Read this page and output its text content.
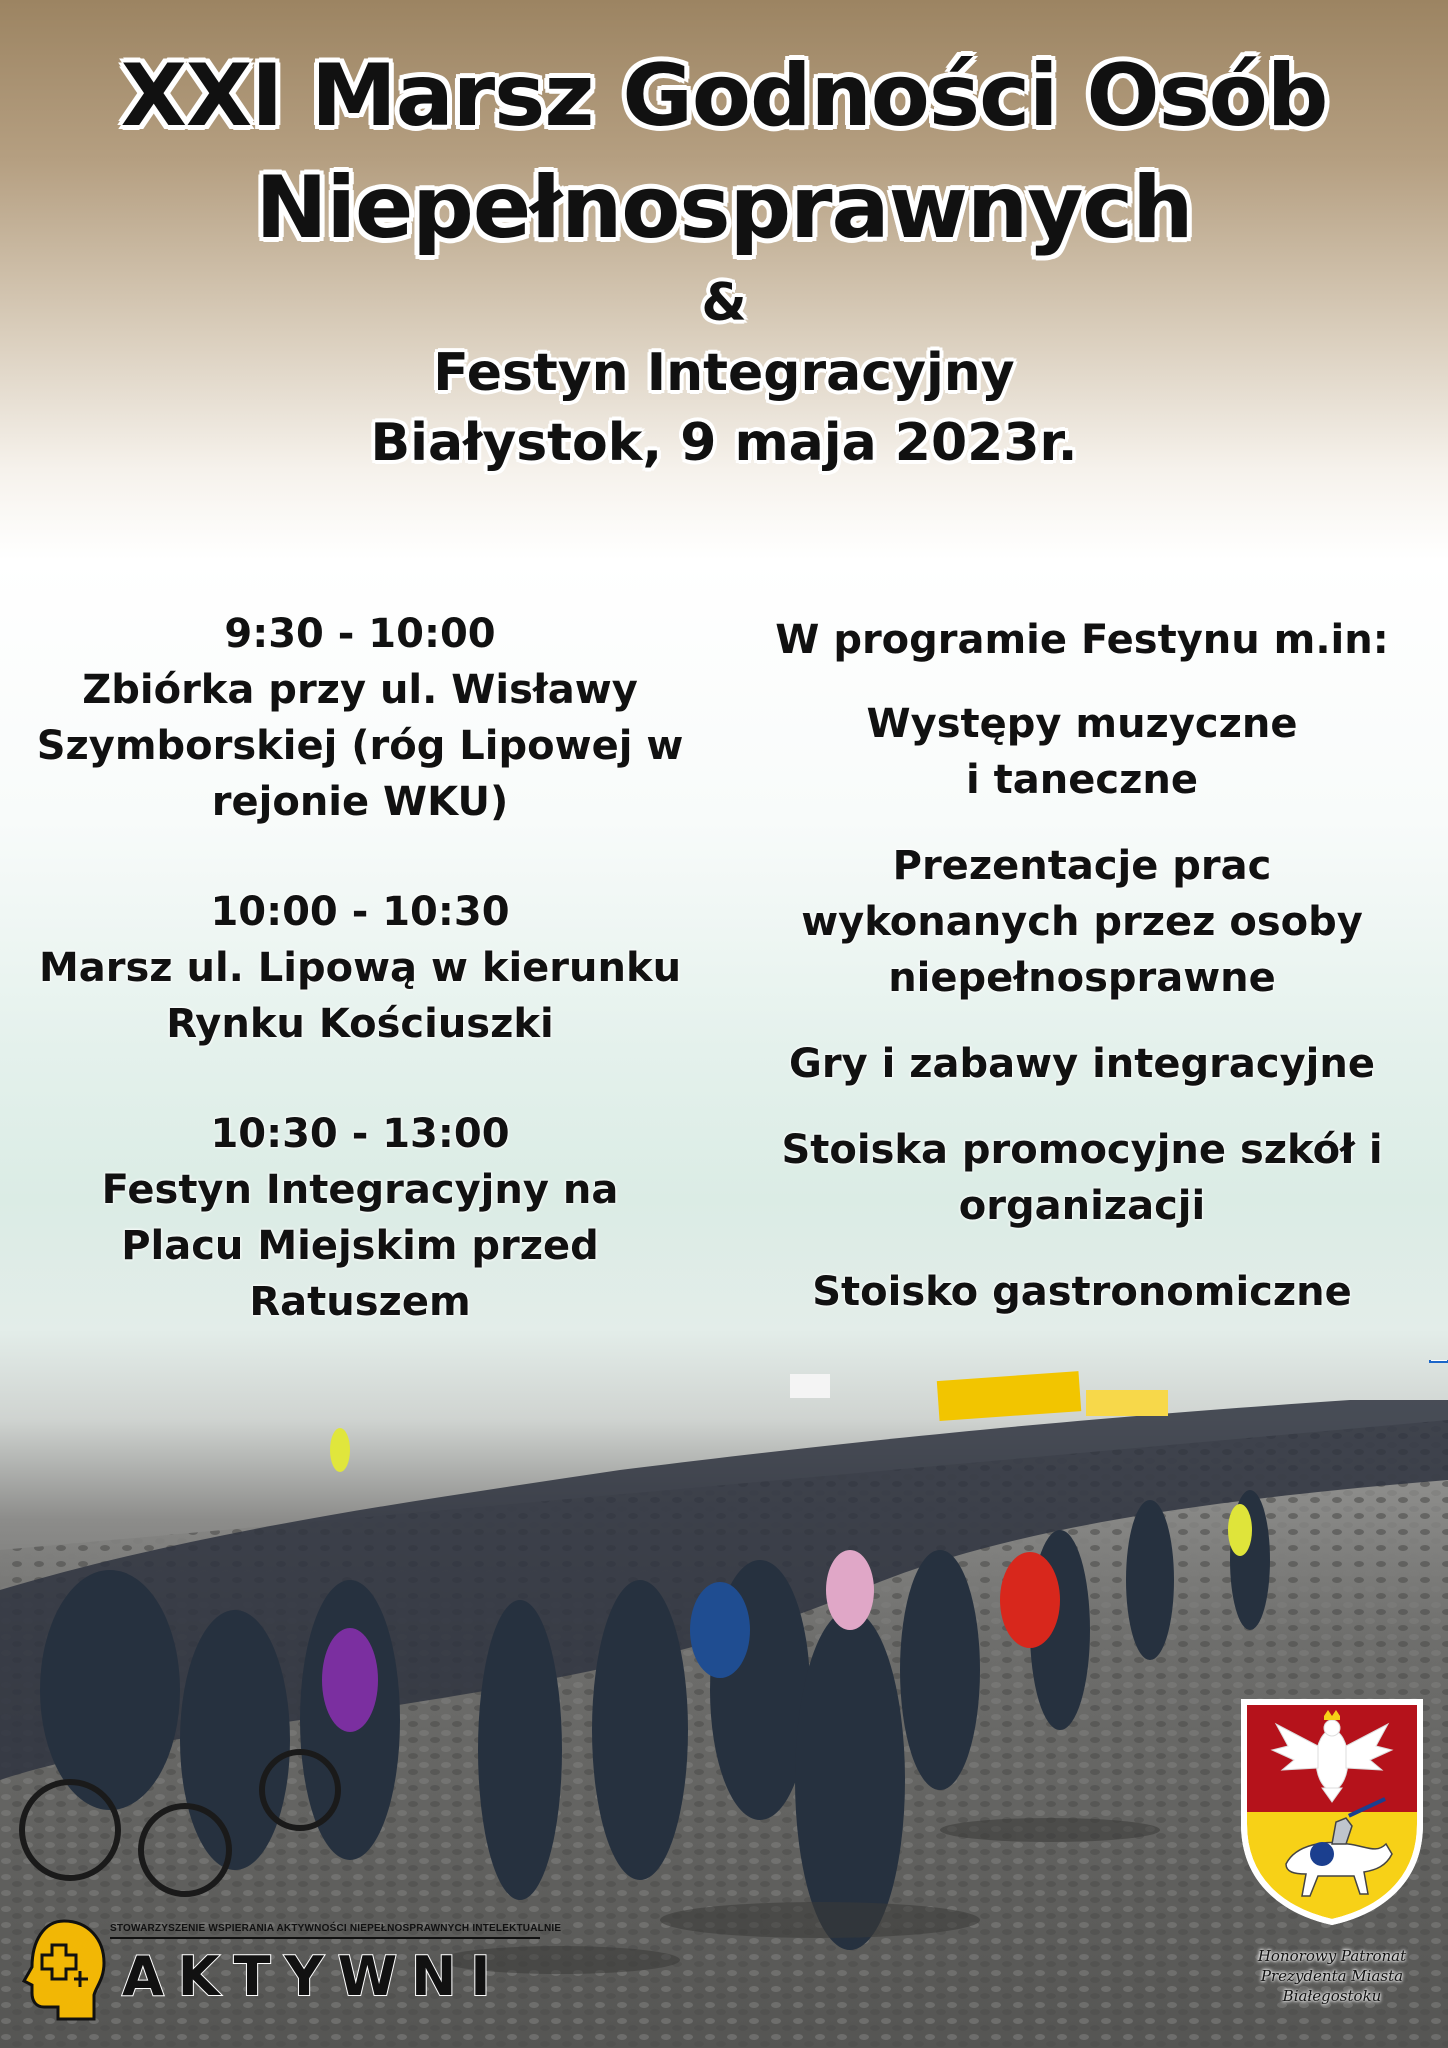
XXI Marsz Godności Osób
Niepełnosprawnych
&
Festyn Integracyjny
Białystok, 9 maja 2023r.
9:30 - 10:00
Zbiórka przy ul. Wisławy
Szymborskiej (róg Lipowej w
rejonie WKU)
10:00 - 10:30
Marsz ul. Lipową w kierunku
Rynku Kościuszki
10:30 - 13:00
Festyn Integracyjny na
Placu Miejskim przed
Ratuszem
W programie Festynu m.in:
Występy muzyczne
i taneczne
Prezentacje prac
wykonanych przez osoby
niepełnosprawne
Gry i zabawy integracyjne
Stoiska promocyjne szkół i
organizacji
Stoisko gastronomiczne
STOWARZYSZENIE WSPIERANIA AKTYWNOŚCI NIEPEŁNOSPRAWNYCH INTELEKTUALNIE
AKTYWNI	Honorowy Patronat
Prezydenta Miasta
Białegostoku
